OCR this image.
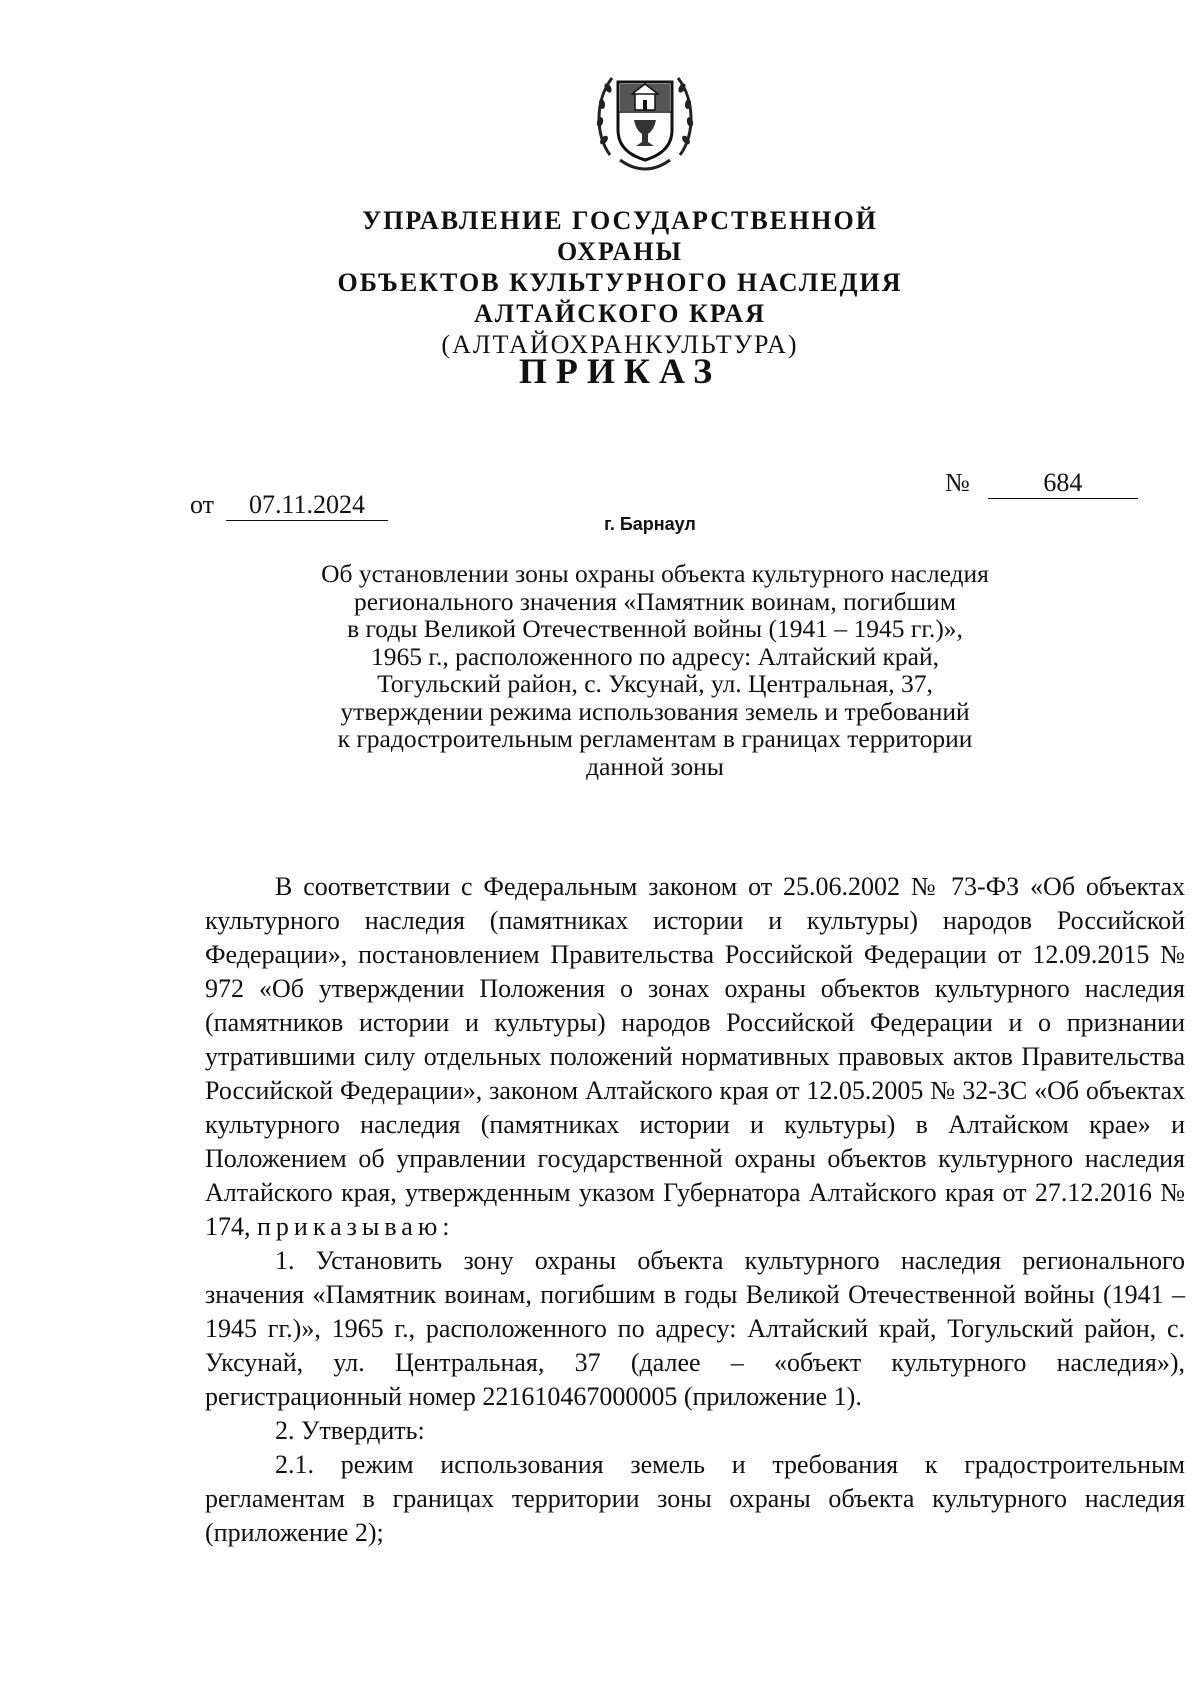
УПРАВЛЕНИЕ ГОСУДАРСТВЕННОЙ ОХРАНЫ
ОБЪЕКТОВ КУЛЬТУРНОГО НАСЛЕДИЯ
АЛТАЙСКОГО КРАЯ
(АЛТАЙОХРАНКУЛЬТУРА)
ПРИКАЗ
от 07.11.2024
№	684
г. Барнаул
Об установлении зоны охраны объекта культурного наследия
регионального значения «Памятник воинам, погибшим
в годы Великой Отечественной войны (1941 – 1945 гг.)»,
1965 г., расположенного по адресу: Алтайский край,
Тогульский район, с. Уксунай, ул. Центральная, 37,
утверждении режима использования земель и требований
к градостроительным регламентам в границах территории
данной зоны

В соответствии с Федеральным законом от 25.06.2002 № 73-ФЗ «Об объектах культурного наследия (памятниках истории и культуры) народов Российской Федерации», постановлением Правительства Российской Федерации от 12.09.2015 № 972 «Об утверждении Положения о зонах охраны объектов культурного наследия (памятников истории и культуры) народов Российской Федерации и о признании утратившими силу отдельных положений нормативных правовых актов Правительства Российской Федерации», законом Алтайского края от 12.05.2005 № 32-ЗС «Об объектах культурного наследия (памятниках истории и культуры) в Алтайском крае» и Положением об управлении государственной охраны объектов культурного наследия Алтайского края, утвержденным указом Губернатора Алтайского края от 27.12.2016 № 174, приказываю:

1. Установить зону охраны объекта культурного наследия регионального значения «Памятник воинам, погибшим в годы Великой Отечественной войны (1941 – 1945 гг.)», 1965 г., расположенного по адресу: Алтайский край, Тогульский район, с. Уксунай, ул. Центральная, 37 (далее – «объект культурного наследия»), регистрационный номер 221610467000005 (приложение 1).

2. Утвердить:

2.1. режим использования земель и требования к градостроительным регламентам в границах территории зоны охраны объекта культурного наследия (приложение 2);
